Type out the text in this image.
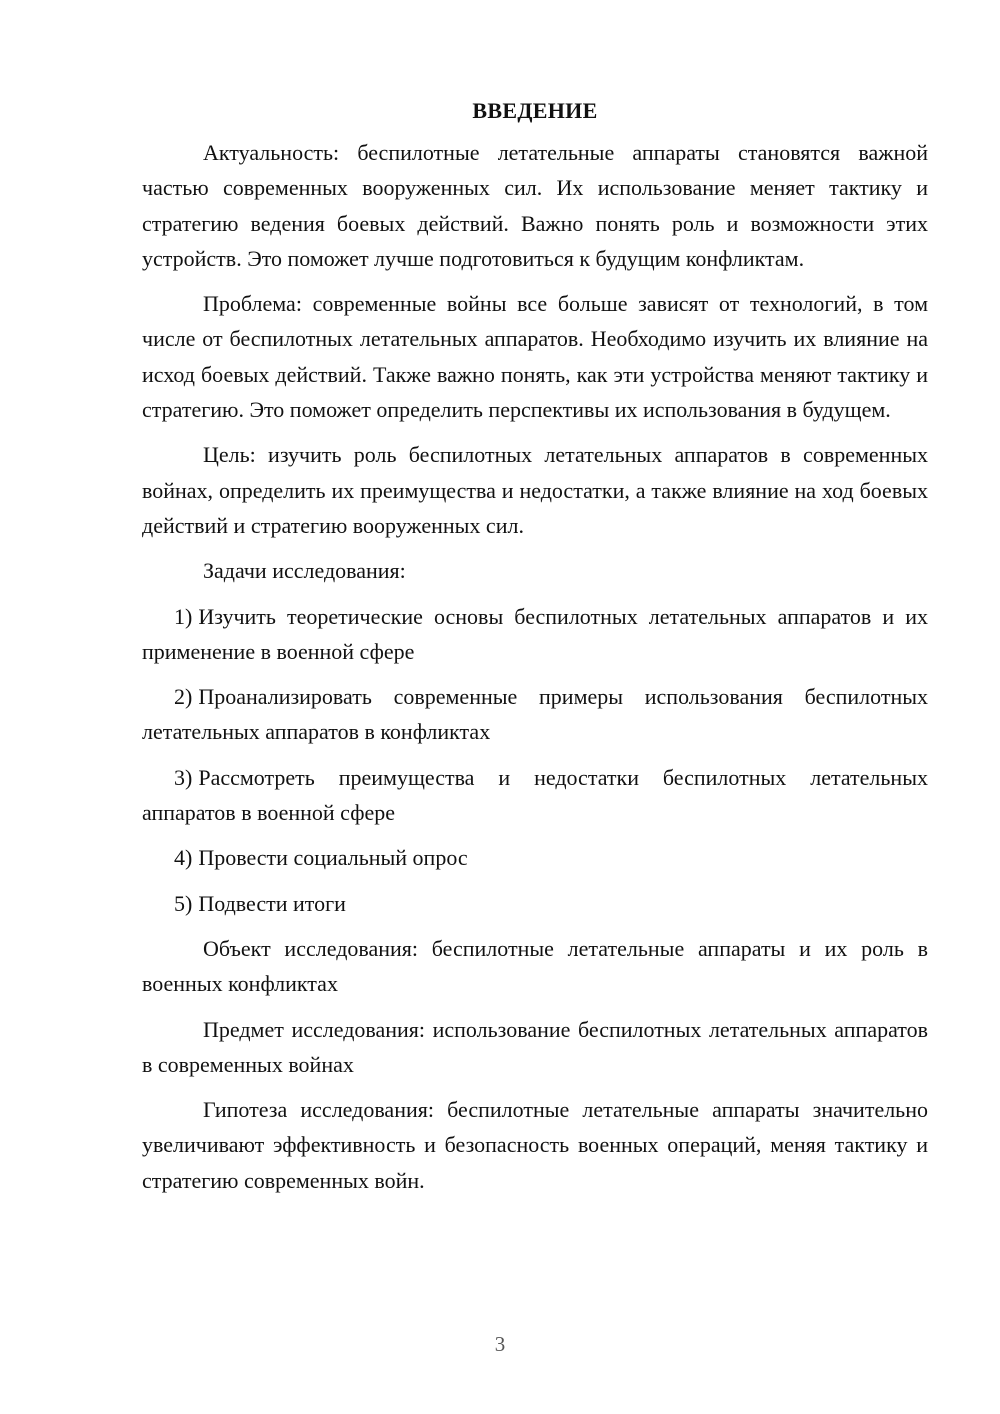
ВВЕДЕНИЕ

Актуальность: беспилотные летательные аппараты становятся важной частью современных вооруженных сил. Их использование меняет тактику и стратегию ведения боевых действий. Важно понять роль и возможности этих устройств. Это поможет лучше подготовиться к будущим конфликтам.

Проблема: современные войны все больше зависят от технологий, в том числе от беспилотных летательных аппаратов. Необходимо изучить их влияние на исход боевых действий. Также важно понять, как эти устройства меняют тактику и стратегию. Это поможет определить перспективы их использования в будущем.

Цель: изучить роль беспилотных летательных аппаратов в современных войнах, определить их преимущества и недостатки, а также влияние на ход боевых действий и стратегию вооруженных сил.

Задачи исследования:

1) Изучить теоретические основы беспилотных летательных аппаратов и их применение в военной сфере

2) Проанализировать современные примеры использования беспилотных летательных аппаратов в конфликтах

3) Рассмотреть преимущества и недостатки беспилотных летательных аппаратов в военной сфере

4) Провести социальный опрос

5) Подвести итоги

Объект исследования: беспилотные летательные аппараты и их роль в военных конфликтах

Предмет исследования: использование беспилотных летательных аппаратов в современных войнах

Гипотеза исследования: беспилотные летательные аппараты значительно увеличивают эффективность и безопасность военных операций, меняя тактику и стратегию современных войн.

3
